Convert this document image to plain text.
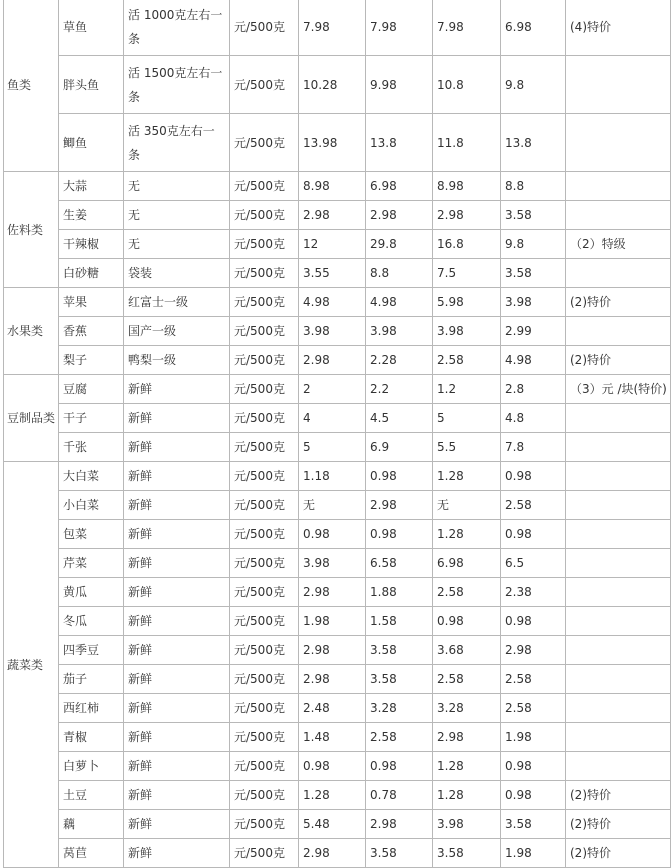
鱼类	草鱼	活 1000克左右一条	元/500克	7.98	7.98	7.98	6.98	(4)特价
	胖头鱼	活 1500克左右一条	元/500克	10.28	9.98	10.8	9.8	
	鲫鱼	活 350克左右一条	元/500克	13.98	13.8	11.8	13.8	
佐料类	大蒜	无	元/500克	8.98	6.98	8.98	8.8	
	生姜	无	元/500克	2.98	2.98	2.98	3.58	
	干辣椒	无	元/500克	12	29.8	16.8	9.8	（2）特级
	白砂糖	袋装	元/500克	3.55	8.8	7.5	3.58	
水果类	苹果	红富士一级	元/500克	4.98	4.98	5.98	3.98	(2)特价
	香蕉	国产一级	元/500克	3.98	3.98	3.98	2.99	
	梨子	鸭梨一级	元/500克	2.98	2.28	2.58	4.98	(2)特价
豆制品类	豆腐	新鲜	元/500克	2	2.2	1.2	2.8	（3）元 /块(特价)
	干子	新鲜	元/500克	4	4.5	5	4.8	
	千张	新鲜	元/500克	5	6.9	5.5	7.8	
蔬菜类	大白菜	新鲜	元/500克	1.18	0.98	1.28	0.98	
	小白菜	新鲜	元/500克	无	2.98	无	2.58	
	包菜	新鲜	元/500克	0.98	0.98	1.28	0.98	
	芹菜	新鲜	元/500克	3.98	6.58	6.98	6.5	
	黄瓜	新鲜	元/500克	2.98	1.88	2.58	2.38	
	冬瓜	新鲜	元/500克	1.98	1.58	0.98	0.98	
	四季豆	新鲜	元/500克	2.98	3.58	3.68	2.98	
	茄子	新鲜	元/500克	2.98	3.58	2.58	2.58	
	西红柿	新鲜	元/500克	2.48	3.28	3.28	2.58	
	青椒	新鲜	元/500克	1.48	2.58	2.98	1.98	
	白萝卜	新鲜	元/500克	0.98	0.98	1.28	0.98	
	土豆	新鲜	元/500克	1.28	0.78	1.28	0.98	(2)特价
	藕	新鲜	元/500克	5.48	2.98	3.98	3.58	(2)特价
	莴苣	新鲜	元/500克	2.98	3.58	3.58	1.98	(2)特价
